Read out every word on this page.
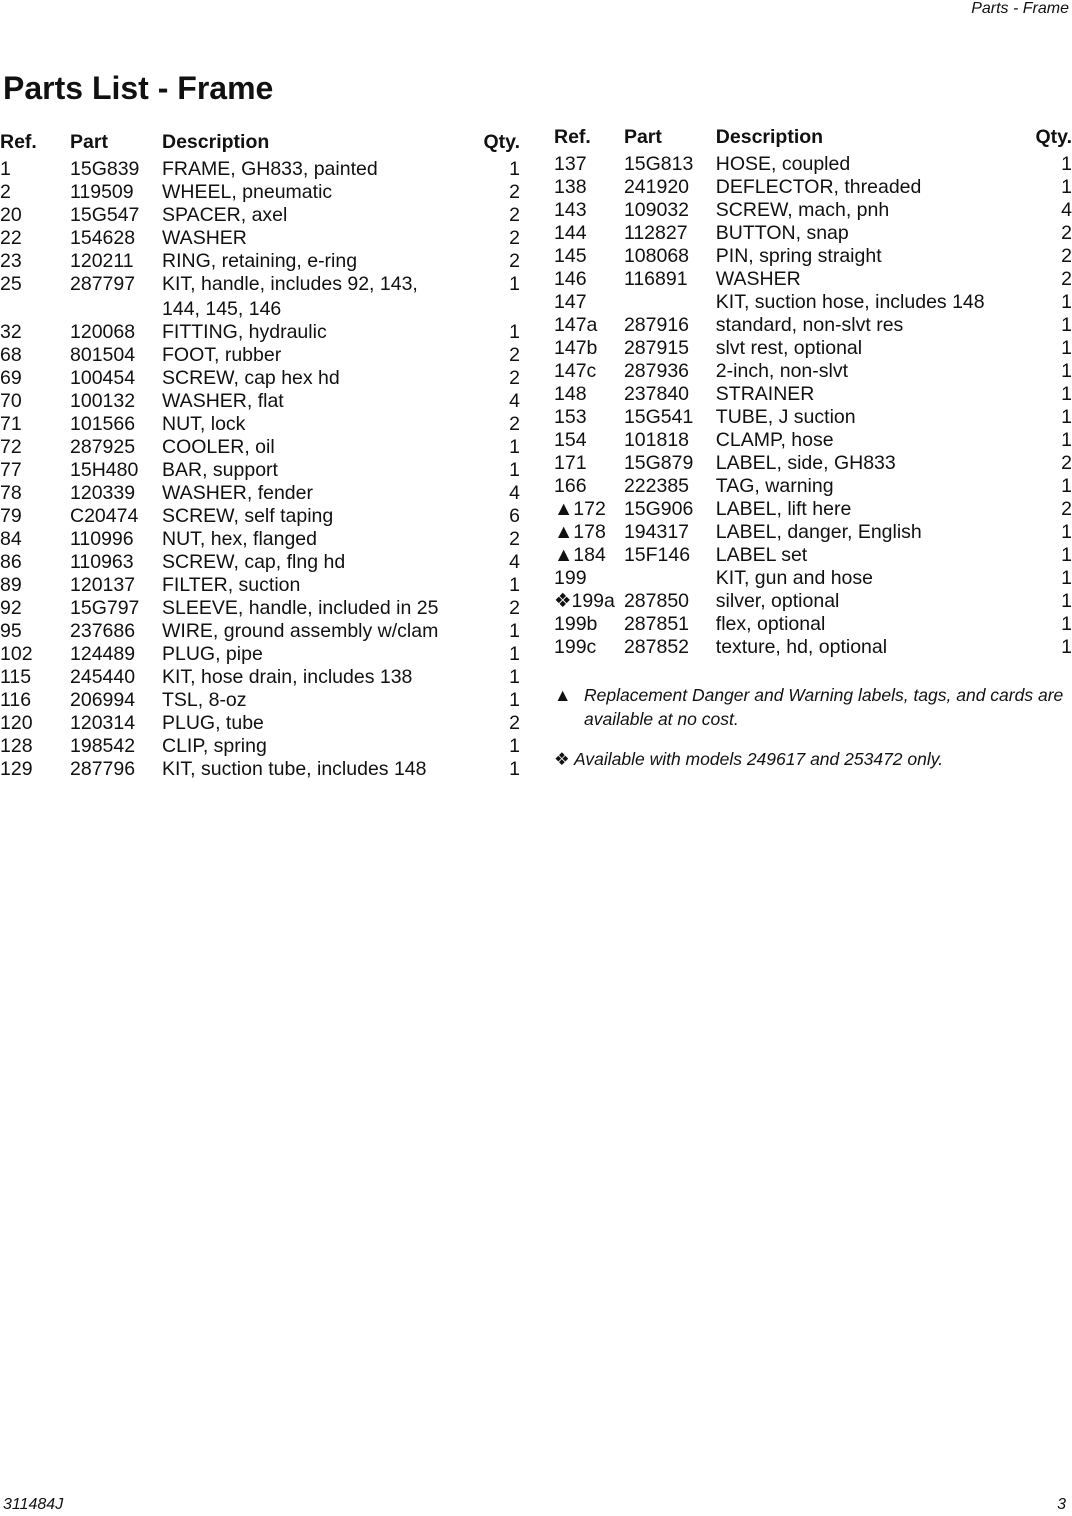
Parts - Frame
Parts List - Frame
Ref.	Part	Description	Qty.
1	15G839	FRAME, GH833, painted	1
2	119509	WHEEL, pneumatic	2
20	15G547	SPACER, axel	2
22	154628	WASHER	2
23	120211	RING, retaining, e-ring	2
25	287797	KIT, handle, includes 92, 143,
144, 145, 146	1
32	120068	FITTING, hydraulic	1
68	801504	FOOT, rubber	2
69	100454	SCREW, cap hex hd	2
70	100132	WASHER, flat	4
71	101566	NUT, lock	2
72	287925	COOLER, oil	1
77	15H480	BAR, support	1
78	120339	WASHER, fender	4
79	C20474	SCREW, self taping	6
84	110996	NUT, hex, flanged	2
86	110963	SCREW, cap, flng hd	4
89	120137	FILTER, suction	1
92	15G797	SLEEVE, handle, included in 25	2
95	237686	WIRE, ground assembly w/clam	1
102	124489	PLUG, pipe	1
115	245440	KIT, hose drain, includes 138	1
116	206994	TSL, 8-oz	1
120	120314	PLUG, tube	2
128	198542	CLIP, spring	1
129	287796	KIT, suction tube, includes 148	1
Ref.	Part	Description	Qty.
137	15G813	HOSE, coupled	1
138	241920	DEFLECTOR, threaded	1
143	109032	SCREW, mach, pnh	4
144	112827	BUTTON, snap	2
145	108068	PIN, spring straight	2
146	116891	WASHER	2
147		KIT, suction hose, includes 148	1
147a	287916	standard, non-slvt res	1
147b	287915	slvt rest, optional	1
147c	287936	2-inch, non-slvt	1
148	237840	STRAINER	1
153	15G541	TUBE, J suction	1
154	101818	CLAMP, hose	1
171	15G879	LABEL, side, GH833	2
166	222385	TAG, warning	1
▲172	15G906	LABEL, lift here	2
▲178	194317	LABEL, danger, English	1
▲184	15F146	LABEL set	1
199		KIT, gun and hose	1
❖199a	287850	silver, optional	1
199b	287851	flex, optional	1
199c	287852	texture, hd, optional	1
▲ Replacement Danger and Warning labels, tags, and cards are available at no cost.
❖ Available with models 249617 and 253472 only.
311484J	3
